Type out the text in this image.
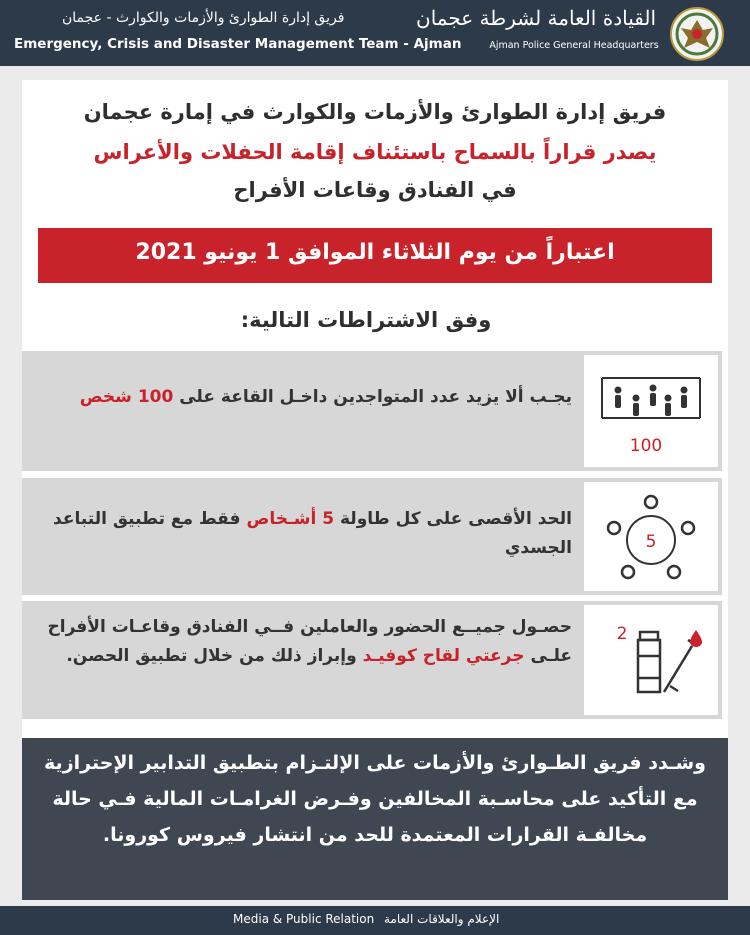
فريق إدارة الطوارئ والأزمات والكوارث - عجمان
Emergency, Crisis and Disaster Management Team - Ajman
القيادة العامة لشرطة عجمان
Ajman Police General Headquarters
فريق إدارة الطوارئ والأزمات والكوارث في إمارة عجمان
يصدر قراراً بالسماح باستئناف إقامة الحفلات والأعراس
في الفنادق وقاعات الأفراح
اعتباراً من يوم الثلاثاء الموافق 1 يونيو 2021
وفق الاشتراطات التالية:
100
يجـب ألا يزيد عدد المتواجدين داخـل القاعة على 100 شخص
5
الحد الأقصى على كل طاولة 5 أشـخاص فقط مع تطبيق التباعد الجسدي
2
حصـول جميــع الحضور والعاملين فــي الفنادق وقاعـات الأفراح علـى جرعتي لقاح كوفيـد وإبراز ذلك من خلال تطبيق الحصن.
وشـدد فريق الطـوارئ والأزمات على الإلتـزام بتطبيق التدابير الإحترازية مع التأكيد على محاسـبة المخالفين وفـرض الغرامـات المالية فـي حالة مخالفـة القرارات المعتمدة للحد من انتشار فيروس كورونا.
Media & Public Relation الإعلام والعلاقات العامة
